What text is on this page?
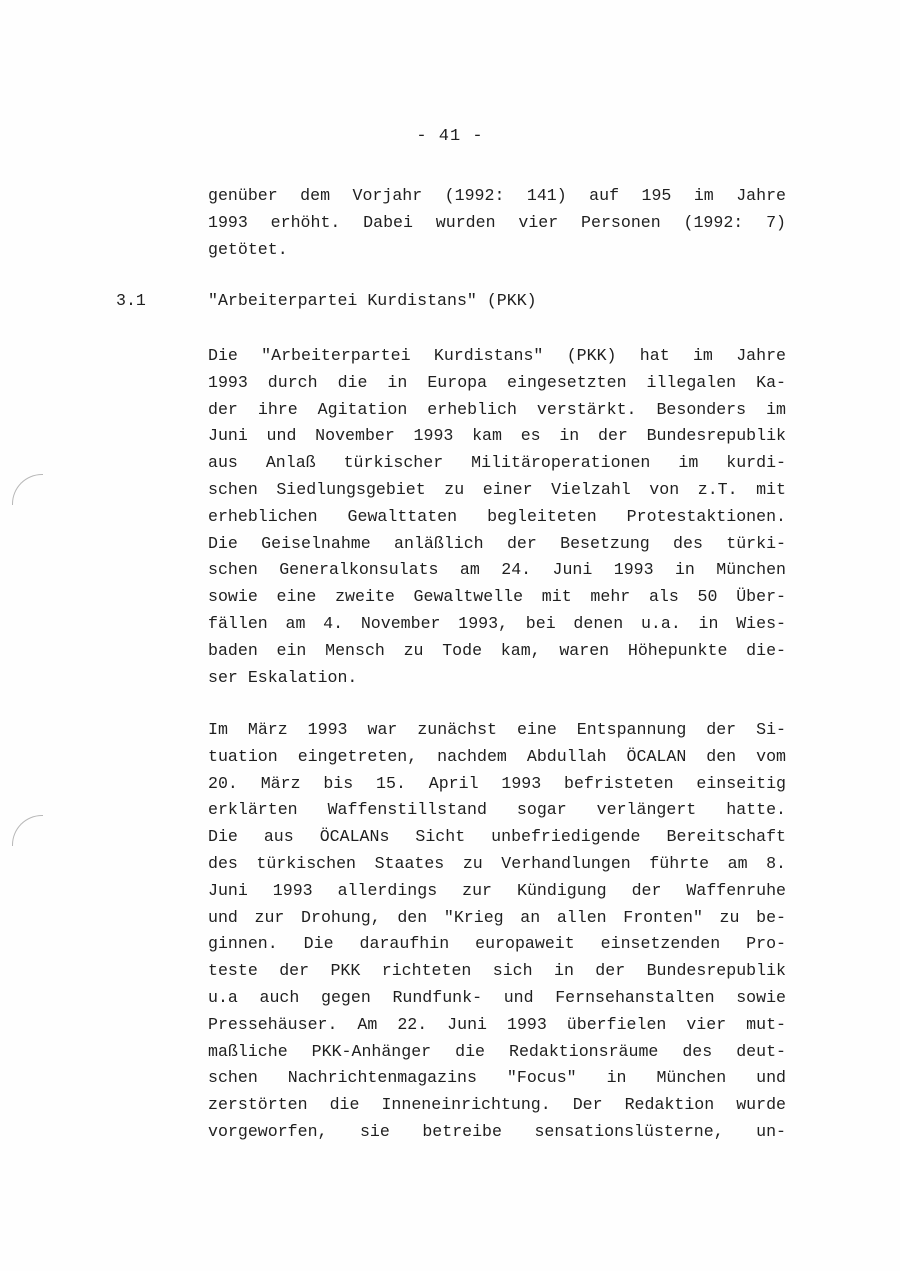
- 41 -
genüber dem Vorjahr (1992: 141) auf 195 im Jahre
1993 erhöht. Dabei wurden vier Personen (1992: 7)
getötet.
3.1	"Arbeiterpartei Kurdistans" (PKK)
Die "Arbeiterpartei Kurdistans" (PKK) hat im Jahre
1993 durch die in Europa eingesetzten illegalen Ka-
der ihre Agitation erheblich verstärkt. Besonders im
Juni und November 1993 kam es in der Bundesrepublik
aus Anlaß türkischer Militäroperationen im kurdi-
schen Siedlungsgebiet zu einer Vielzahl von z.T. mit
erheblichen Gewalttaten begleiteten Protestaktionen.
Die Geiselnahme anläßlich der Besetzung des türki-
schen Generalkonsulats am 24. Juni 1993 in München
sowie eine zweite Gewaltwelle mit mehr als 50 Über-
fällen am 4. November 1993, bei denen u.a. in Wies-
baden ein Mensch zu Tode kam, waren Höhepunkte die-
ser Eskalation.
Im März 1993 war zunächst eine Entspannung der Si-
tuation eingetreten, nachdem Abdullah ÖCALAN den vom
20. März bis 15. April 1993 befristeten einseitig
erklärten Waffenstillstand sogar verlängert hatte.
Die aus ÖCALANs Sicht unbefriedigende Bereitschaft
des türkischen Staates zu Verhandlungen führte am 8.
Juni 1993 allerdings zur Kündigung der Waffenruhe
und zur Drohung, den "Krieg an allen Fronten" zu be-
ginnen. Die daraufhin europaweit einsetzenden Pro-
teste der PKK richteten sich in der Bundesrepublik
u.a auch gegen Rundfunk- und Fernsehanstalten sowie
Pressehäuser. Am 22. Juni 1993 überfielen vier mut-
maßliche PKK-Anhänger die Redaktionsräume des deut-
schen Nachrichtenmagazins "Focus" in München und
zerstörten die Inneneinrichtung. Der Redaktion wurde
vorgeworfen, sie betreibe sensationslüsterne, un-
